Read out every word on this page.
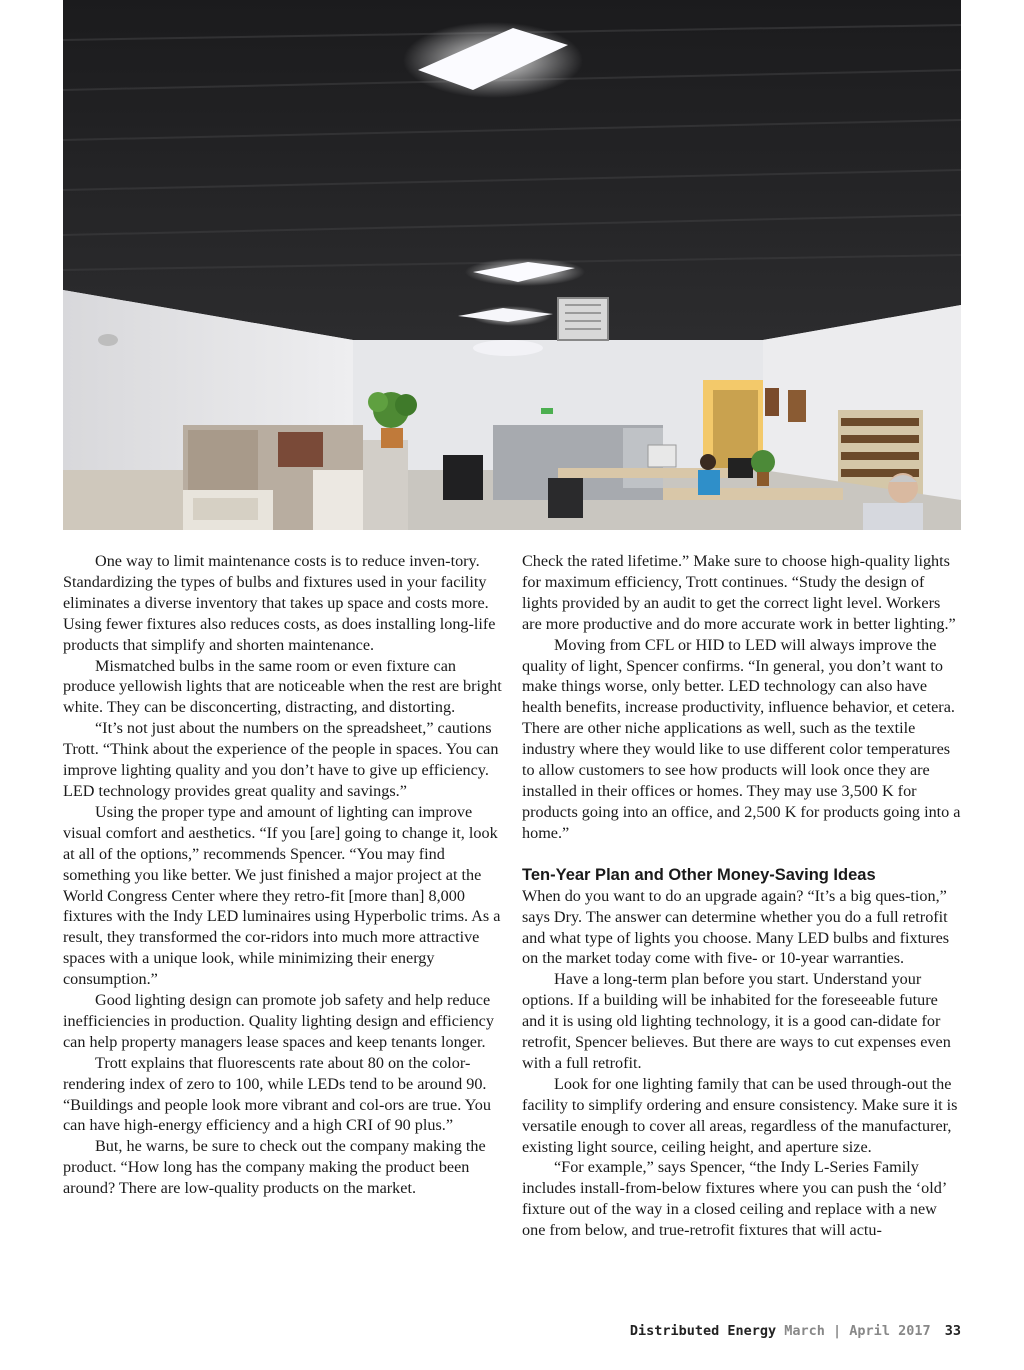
One way to limit maintenance costs is to reduce inven-tory. Standardizing the types of bulbs and fixtures used in your facility eliminates a diverse inventory that takes up space and costs more. Using fewer fixtures also reduces costs, as does installing long-life products that simplify and shorten maintenance.

Mismatched bulbs in the same room or even fixture can produce yellowish lights that are noticeable when the rest are bright white. They can be disconcerting, distracting, and distorting.

“It’s not just about the numbers on the spreadsheet,” cautions Trott. “Think about the experience of the people in spaces. You can improve lighting quality and you don’t have to give up efficiency. LED technology provides great quality and savings.”

Using the proper type and amount of lighting can improve visual comfort and aesthetics. “If you [are] going to change it, look at all of the options,” recommends Spencer. “You may find something you like better. We just finished a major project at the World Congress Center where they retro-fit [more than] 8,000 fixtures with the Indy LED luminaires using Hyperbolic trims. As a result, they transformed the cor-ridors into much more attractive spaces with a unique look, while minimizing their energy consumption.”

Good lighting design can promote job safety and help reduce inefficiencies in production. Quality lighting design and efficiency can help property managers lease spaces and keep tenants longer.

Trott explains that fluorescents rate about 80 on the color-rendering index of zero to 100, while LEDs tend to be around 90. “Buildings and people look more vibrant and col-ors are true. You can have high-energy efficiency and a high CRI of 90 plus.”

But, he warns, be sure to check out the company making the product. “How long has the company making the product been around? There are low-quality products on the market.

Check the rated lifetime.” Make sure to choose high-quality lights for maximum efficiency, Trott continues. “Study the design of lights provided by an audit to get the correct light level. Workers are more productive and do more accurate work in better lighting.”

Moving from CFL or HID to LED will always improve the quality of light, Spencer confirms. “In general, you don’t want to make things worse, only better. LED technology can also have health benefits, increase productivity, influence behavior, et cetera. There are other niche applications as well, such as the textile industry where they would like to use different color temperatures to allow customers to see how products will look once they are installed in their offices or homes. They may use 3,500 K for products going into an office, and 2,500 K for products going into a home.”

Ten-Year Plan and Other Money-Saving Ideas

When do you want to do an upgrade again? “It’s a big ques-tion,” says Dry. The answer can determine whether you do a full retrofit and what type of lights you choose. Many LED bulbs and fixtures on the market today come with five- or 10-year warranties.

Have a long-term plan before you start. Understand your options. If a building will be inhabited for the foreseeable future and it is using old lighting technology, it is a good can-didate for retrofit, Spencer believes. But there are ways to cut expenses even with a full retrofit.

Look for one lighting family that can be used through-out the facility to simplify ordering and ensure consistency. Make sure it is versatile enough to cover all areas, regardless of the manufacturer, existing light source, ceiling height, and aperture size.

“For example,” says Spencer, “the Indy L-Series Family includes install-from-below fixtures where you can push the ‘old’ fixture out of the way in a closed ceiling and replace with a new one from below, and true-retrofit fixtures that will actu-

Distributed Energy March | April 2017 33
